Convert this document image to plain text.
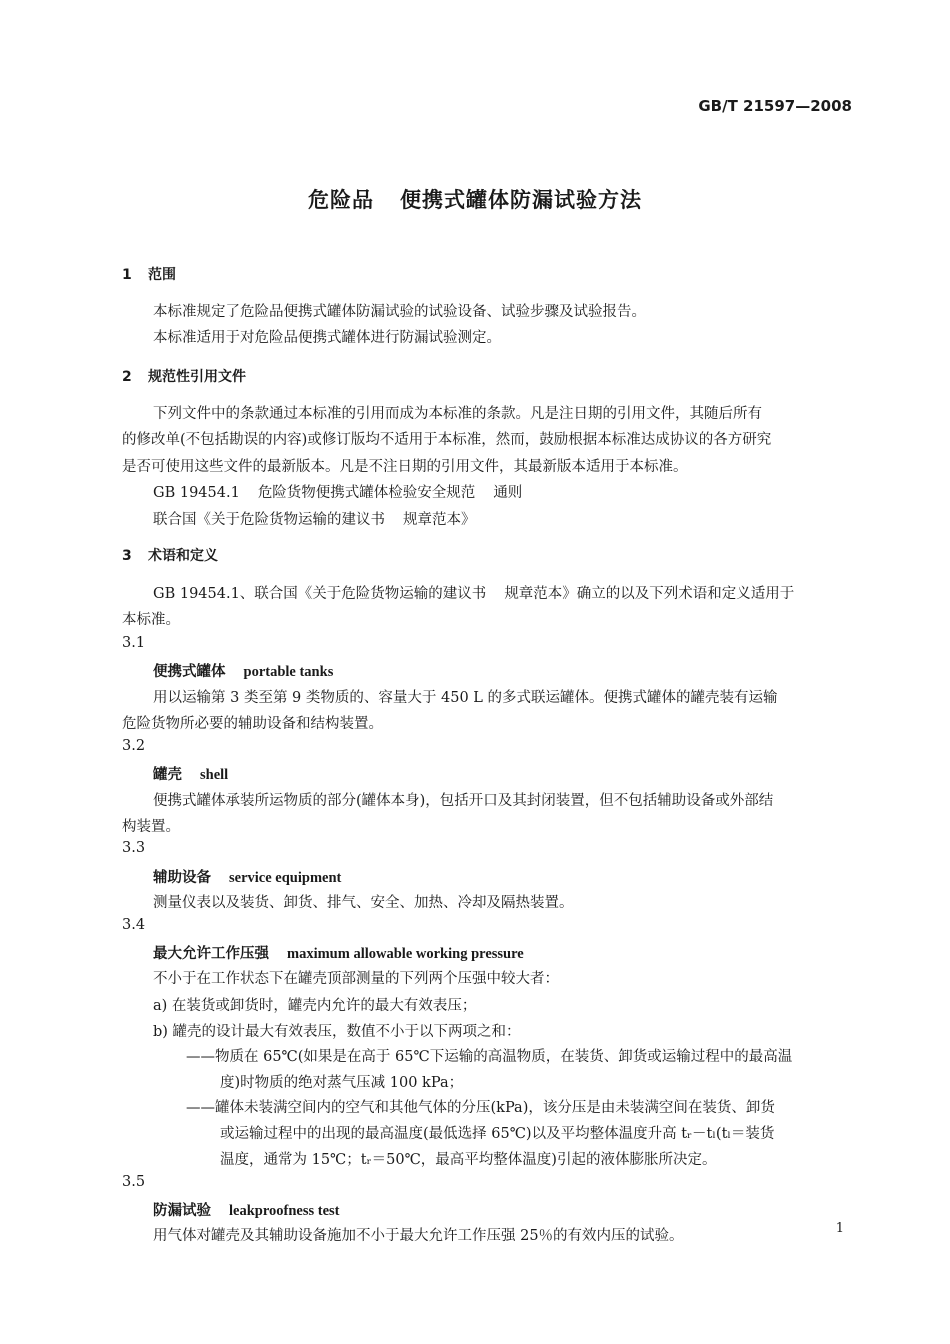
GB/T 21597—2008
危险品 便携式罐体防漏试验方法
1 范围
本标准规定了危险品便携式罐体防漏试验的试验设备、试验步骤及试验报告。
本标准适用于对危险品便携式罐体进行防漏试验测定。
2 规范性引用文件
下列文件中的条款通过本标准的引用而成为本标准的条款。凡是注日期的引用文件，其随后所有
的修改单(不包括勘误的内容)或修订版均不适用于本标准，然而，鼓励根据本标准达成协议的各方研究
是否可使用这些文件的最新版本。凡是不注日期的引用文件，其最新版本适用于本标准。
GB 19454.1 危险货物便携式罐体检验安全规范 通则
联合国《关于危险货物运输的建议书 规章范本》
3 术语和定义
GB 19454.1、联合国《关于危险货物运输的建议书 规章范本》确立的以及下列术语和定义适用于
本标准。
3.1
便携式罐体 portable tanks
用以运输第 3 类至第 9 类物质的、容量大于 450 L 的多式联运罐体。便携式罐体的罐壳装有运输
危险货物所必要的辅助设备和结构装置。
3.2
罐壳 shell
便携式罐体承装所运物质的部分(罐体本身)，包括开口及其封闭装置，但不包括辅助设备或外部结
构装置。
3.3
辅助设备 service equipment
测量仪表以及装货、卸货、排气、安全、加热、冷却及隔热装置。
3.4
最大允许工作压强 maximum allowable working pressure
不小于在工作状态下在罐壳顶部测量的下列两个压强中较大者：
a) 在装货或卸货时，罐壳内允许的最大有效表压；
b) 罐壳的设计最大有效表压，数值不小于以下两项之和：
——物质在 65℃(如果是在高于 65℃下运输的高温物质，在装货、卸货或运输过程中的最高温
度)时物质的绝对蒸气压减 100 kPa；
——罐体未装满空间内的空气和其他气体的分压(kPa)，该分压是由未装满空间在装货、卸货
或运输过程中的出现的最高温度(最低选择 65℃)以及平均整体温度升高 tᵣ－tₗ(tₗ＝装货
温度，通常为 15℃；tᵣ＝50℃，最高平均整体温度)引起的液体膨胀所决定。
3.5
防漏试验 leakproofness test
用气体对罐壳及其辅助设备施加不小于最大允许工作压强 25％的有效内压的试验。	1
